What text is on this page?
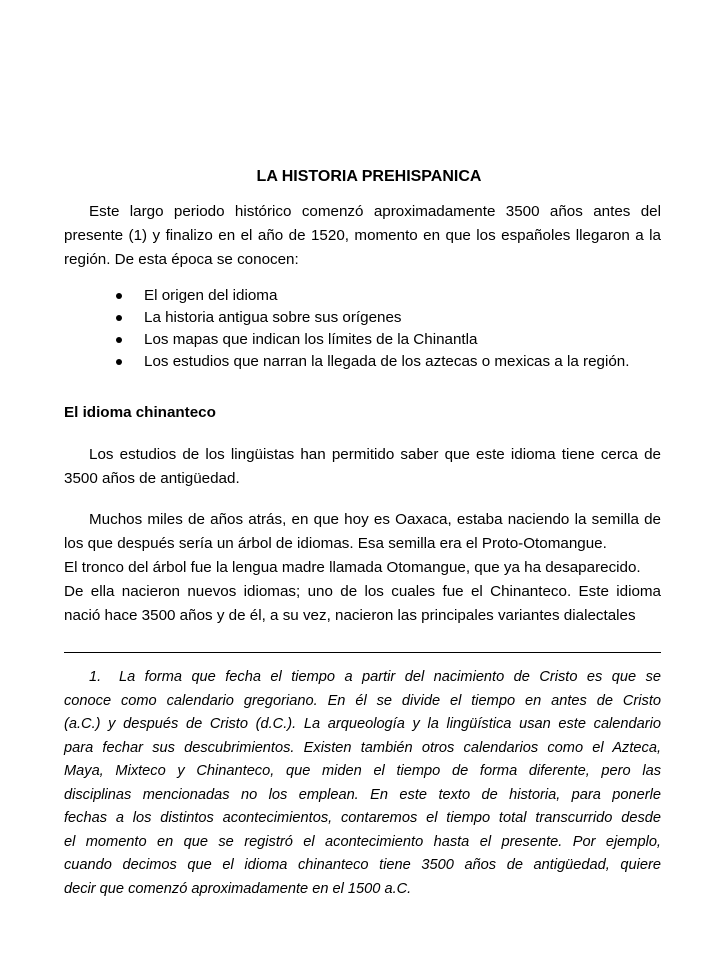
LA HISTORIA PREHISPANICA

Este largo periodo histórico comenzó aproximadamente 3500 años antes del
presente (1) y finalizo en el año de 1520, momento en que los españoles llegaron a la
región. De esta época se conocen:

El origen del idioma
La historia antigua sobre sus orígenes
Los mapas que indican los límites de la Chinantla
Los estudios que narran la llegada de los aztecas o mexicas a la región.
El idioma chinanteco

Los estudios de los lingüistas han permitido saber que este idioma tiene cerca de
3500 años de antigüedad.

Muchos miles de años atrás, en que hoy es Oaxaca, estaba naciendo la semilla de
los que después sería un árbol de idiomas. Esa semilla era el Proto-Otomangue.
El tronco del árbol fue la lengua madre llamada Otomangue, que ya ha desaparecido.
De ella nacieron nuevos idiomas; uno de los cuales fue el Chinanteco. Este idioma
nació hace 3500 años y de él, a su vez, nacieron las principales variantes dialectales

1. La forma que fecha el tiempo a partir del nacimiento de Cristo es que se
conoce como calendario gregoriano. En él se divide el tiempo en antes de Cristo
(a.C.) y después de Cristo (d.C.). La arqueología y la lingüística usan este calendario
para fechar sus descubrimientos. Existen también otros calendarios como el Azteca,
Maya, Mixteco y Chinanteco, que miden el tiempo de forma diferente, pero las
disciplinas mencionadas no los emplean. En este texto de historia, para ponerle
fechas a los distintos acontecimientos, contaremos el tiempo total transcurrido desde
el momento en que se registró el acontecimiento hasta el presente. Por ejemplo,
cuando decimos que el idioma chinanteco tiene 3500 años de antigüedad, quiere
decir que comenzó aproximadamente en el 1500 a.C.
